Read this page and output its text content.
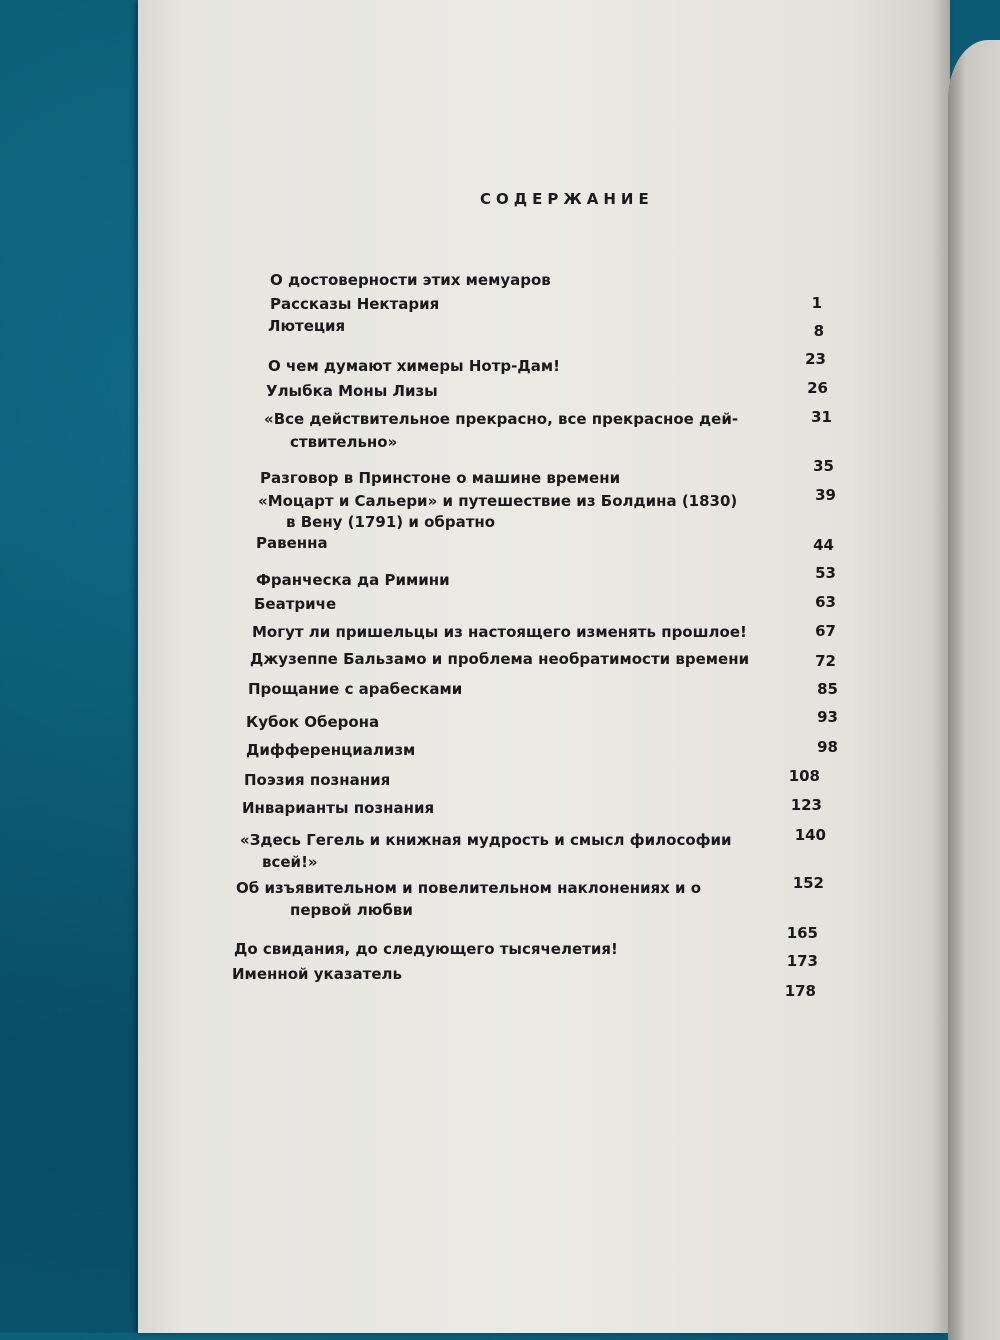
СОДЕРЖАНИЕ
О достоверности этих мемуаров
Рассказы Нектария
Лютеция
О чем думают химеры Нотр-Дам!
Улыбка Моны Лизы
«Все действительное прекрасно, все прекрасное дей-
ствительно»
Разговор в Принстоне о машине времени
«Моцарт и Сальери» и путешествие из Болдина (1830)
в Вену (1791) и обратно
Равенна
Франческа да Римини
Беатриче
Могут ли пришельцы из настоящего изменять прошлое!
Джузеппе Бальзамо и проблема необратимости времени
Прощание с арабесками
Кубок Оберона
Дифференциализм
Поэзия познания
Инварианты познания
«Здесь Гегель и книжная мудрость и смысл философии
всей!»
Об изъявительном и повелительном наклонениях и о
первой любви
До свидания, до следующего тысячелетия!
Именной указатель
1
8
23
26
31
35
39
44
53
63
67
72
85
93
98
108
123
140
152
165
173
178
